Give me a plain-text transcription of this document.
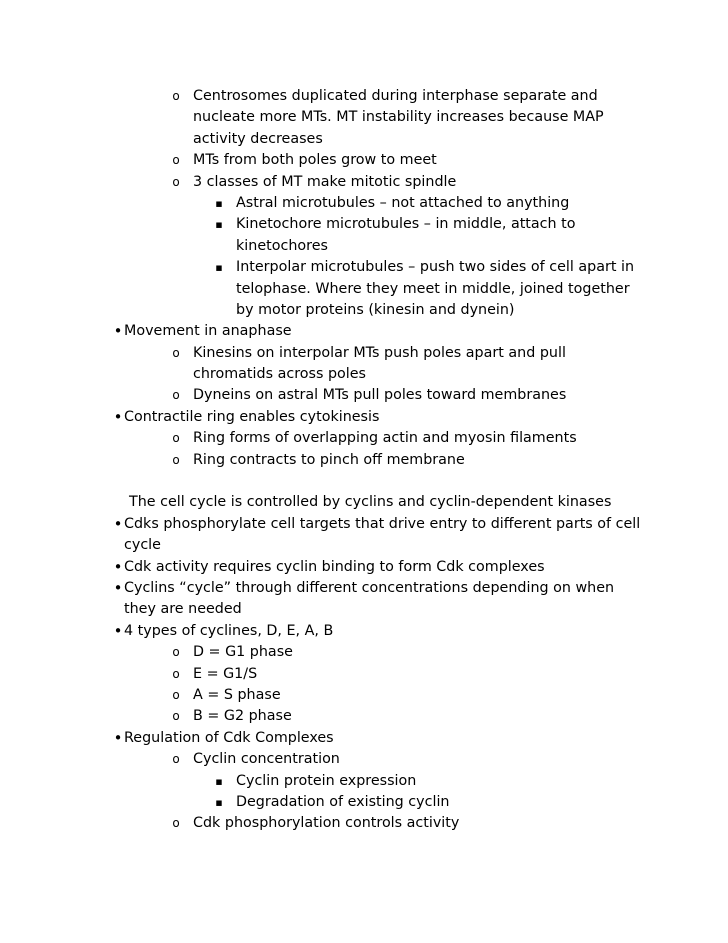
o Centrosomes duplicated during interphase separate and
nucleate more MTs. MT instability increases because MAP
activity decreases
o MTs from both poles grow to meet
o 3 classes of MT make mitotic spindle
▪ Astral microtubules – not attached to anything
▪ Kinetochore microtubules – in middle, attach to
kinetochores
▪ Interpolar microtubules – push two sides of cell apart in
telophase. Where they meet in middle, joined together
by motor proteins (kinesin and dynein)
• Movement in anaphase
o Kinesins on interpolar MTs push poles apart and pull
chromatids across poles
o Dyneins on astral MTs pull poles toward membranes
• Contractile ring enables cytokinesis
o Ring forms of overlapping actin and myosin filaments
o Ring contracts to pinch off membrane
The cell cycle is controlled by cyclins and cyclin-dependent kinases
• Cdks phosphorylate cell targets that drive entry to different parts of cell
cycle
• Cdk activity requires cyclin binding to form Cdk complexes
• Cyclins “cycle” through different concentrations depending on when
they are needed
• 4 types of cyclines, D, E, A, B
o D = G1 phase
o E = G1/S
o A = S phase
o B = G2 phase
• Regulation of Cdk Complexes
o Cyclin concentration
▪ Cyclin protein expression
▪ Degradation of existing cyclin
o Cdk phosphorylation controls activity
